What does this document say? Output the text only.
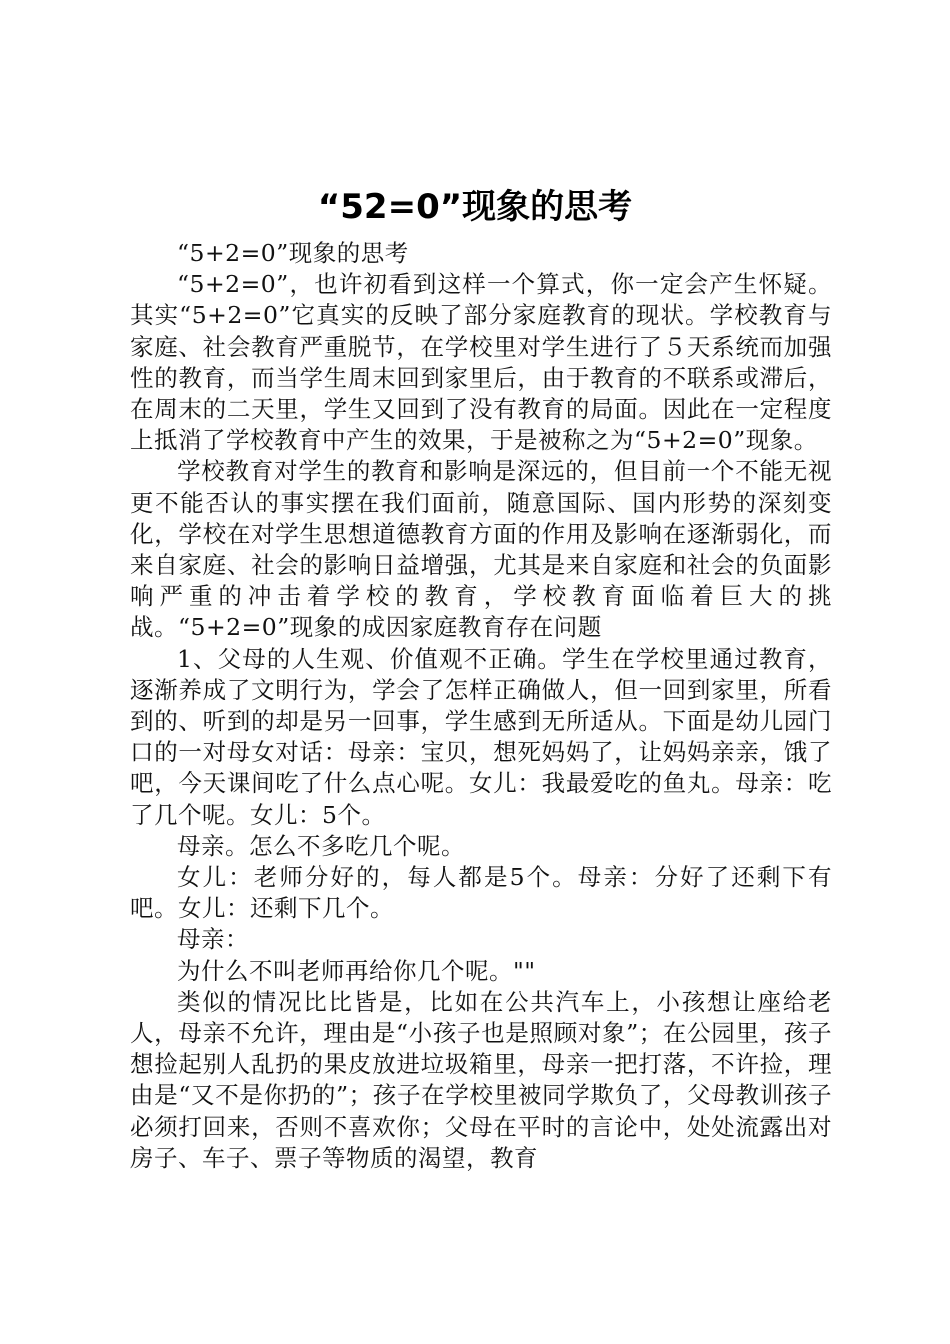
“52=0”现象的思考

“5+2=0”现象的思考

“5+2=0”，也许初看到这样一个算式，你一定会产生怀疑。其实“5+2=0”它真实的反映了部分家庭教育的现状。学校教育与家庭、社会教育严重脱节，在学校里对学生进行了５天系统而加强性的教育，而当学生周末回到家里后，由于教育的不联系或滞后，在周末的二天里，学生又回到了没有教育的局面。因此在一定程度上抵消了学校教育中产生的效果，于是被称之为“5+2=0”现象。

学校教育对学生的教育和影响是深远的，但目前一个不能无视更不能否认的事实摆在我们面前，随意国际、国内形势的深刻变化，学校在对学生思想道德教育方面的作用及影响在逐渐弱化，而来自家庭、社会的影响日益增强，尤其是来自家庭和社会的负面影响严重的冲击着学校的教育，学校教育面临着巨大的挑战。“5+2=0”现象的成因家庭教育存在问题

1、父母的人生观、价值观不正确。学生在学校里通过教育，逐渐养成了文明行为，学会了怎样正确做人，但一回到家里，所看到的、听到的却是另一回事，学生感到无所适从。下面是幼儿园门口的一对母女对话：母亲：宝贝，想死妈妈了，让妈妈亲亲，饿了吧，今天课间吃了什么点心呢。女儿：我最爱吃的鱼丸。母亲：吃了几个呢。女儿：5个。

母亲。怎么不多吃几个呢。

女儿：老师分好的，每人都是5个。母亲：分好了还剩下有吧。女儿：还剩下几个。

母亲：

为什么不叫老师再给你几个呢。""

类似的情况比比皆是，比如在公共汽车上，小孩想让座给老人，母亲不允许，理由是“小孩子也是照顾对象”；在公园里，孩子想捡起别人乱扔的果皮放进垃圾箱里，母亲一把打落，不许捡，理由是“又不是你扔的”；孩子在学校里被同学欺负了，父母教训孩子必须打回来，否则不喜欢你；父母在平时的言论中，处处流露出对房子、车子、票子等物质的渴望，教育
